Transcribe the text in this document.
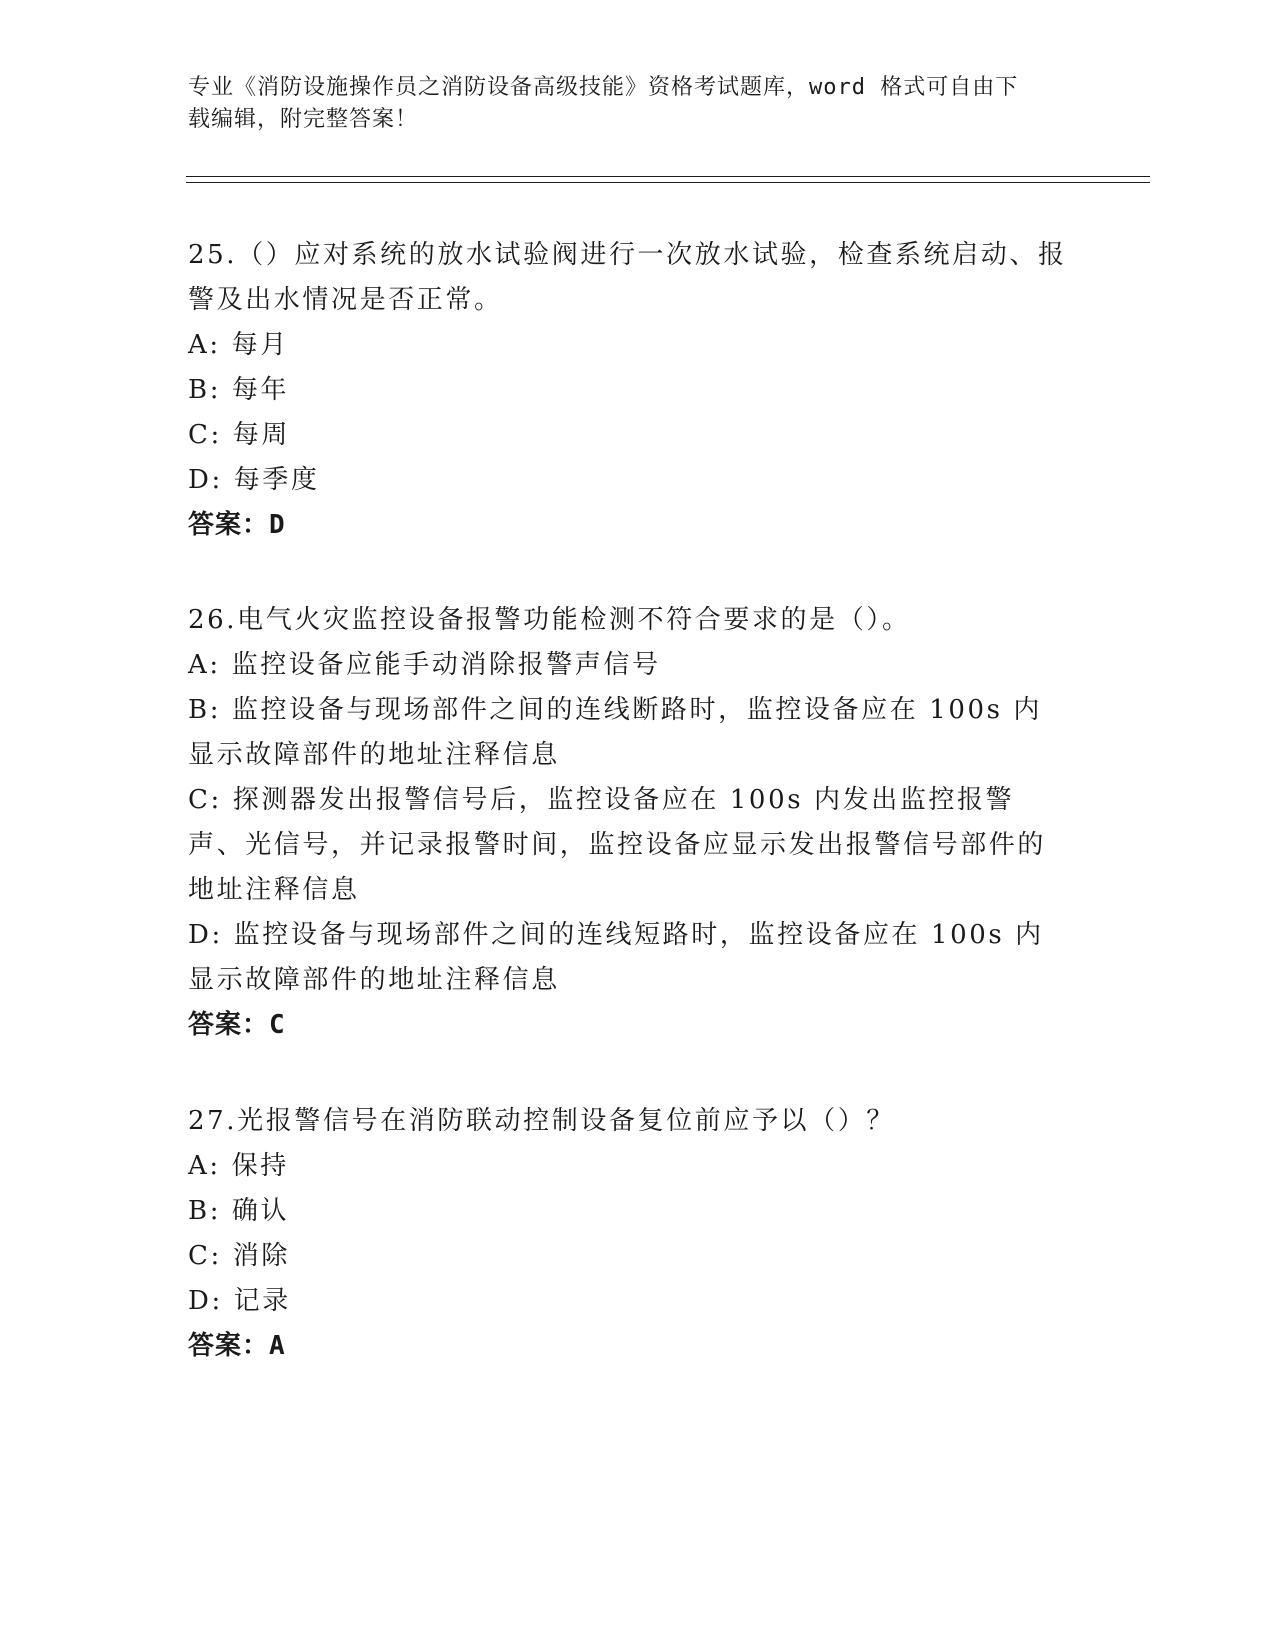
专业《消防设施操作员之消防设备高级技能》资格考试题库，word 格式可自由下
载编辑，附完整答案！
25.（）应对系统的放水试验阀进行一次放水试验，检查系统启动、报警及出水情况是否正常。
A: 每月
B: 每年
C: 每周
D: 每季度
答案：D
26.电气火灾监控设备报警功能检测不符合要求的是（）。
A: 监控设备应能手动消除报警声信号
B: 监控设备与现场部件之间的连线断路时，监控设备应在 100s 内显示故障部件的地址注释信息
C: 探测器发出报警信号后，监控设备应在 100s 内发出监控报警声、光信号，并记录报警时间，监控设备应显示发出报警信号部件的地址注释信息
D: 监控设备与现场部件之间的连线短路时，监控设备应在 100s 内显示故障部件的地址注释信息
答案：C
27.光报警信号在消防联动控制设备复位前应予以（）？
A: 保持
B: 确认
C: 消除
D: 记录
答案：A
